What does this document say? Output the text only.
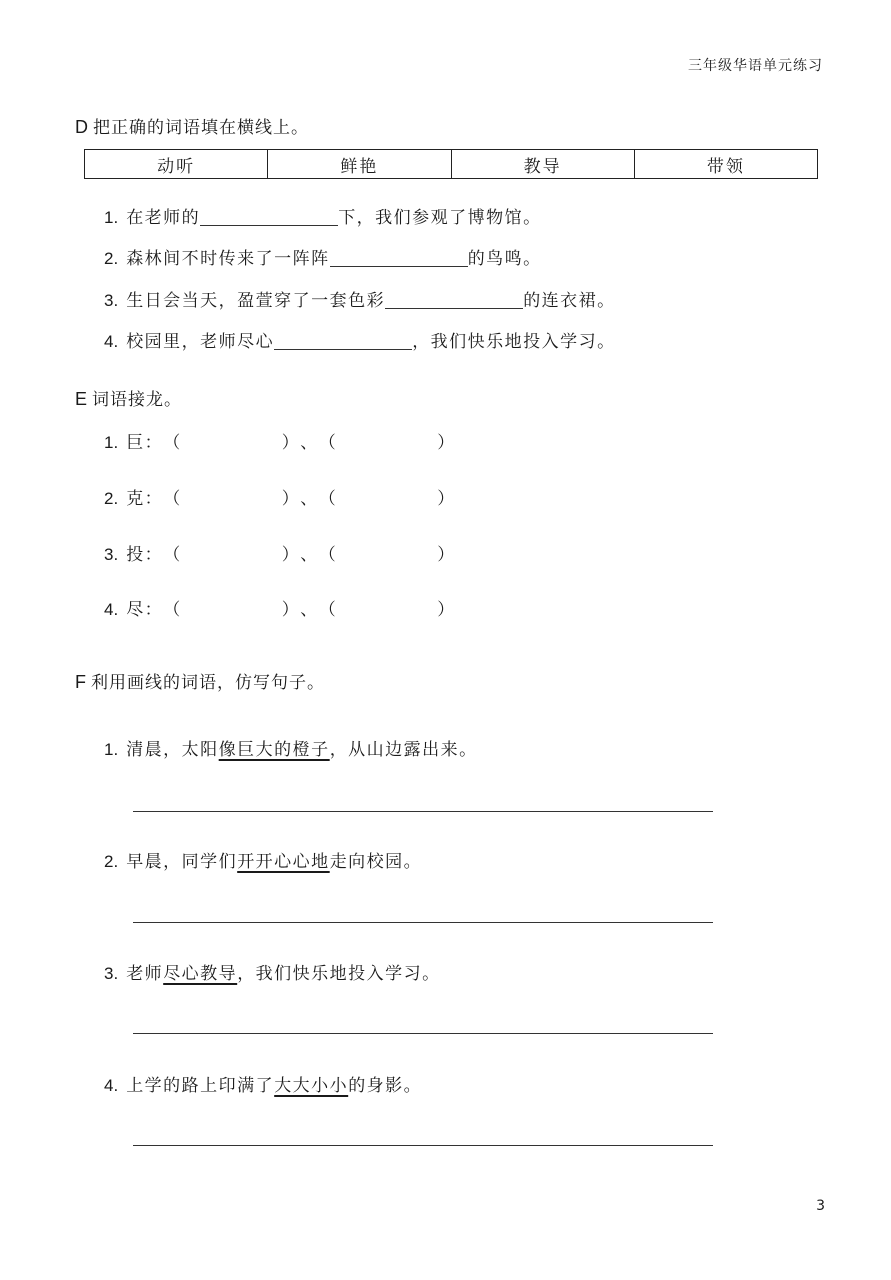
三年级华语单元练习
D 把正确的词语填在横线上。
动听	鲜艳	教导	带领
1. 在老师的	下，我们参观了博物馆。
2. 森林间不时传来了一阵阵	的鸟鸣。
3. 生日会当天，盈萱穿了一套色彩	的连衣裙。
4. 校园里，老师尽心	，我们快乐地投入学习。
E 词语接龙。
1. 巨：（	）、（	）
2. 克：（	）、（	）
3. 投：（	）、（	）
4. 尽：（	）、（	）
F 利用画线的词语，仿写句子。
1. 清晨，太阳像巨大的橙子，从山边露出来。
2. 早晨，同学们开开心心地走向校园。
3. 老师尽心教导，我们快乐地投入学习。
4. 上学的路上印满了大大小小的身影。
3
